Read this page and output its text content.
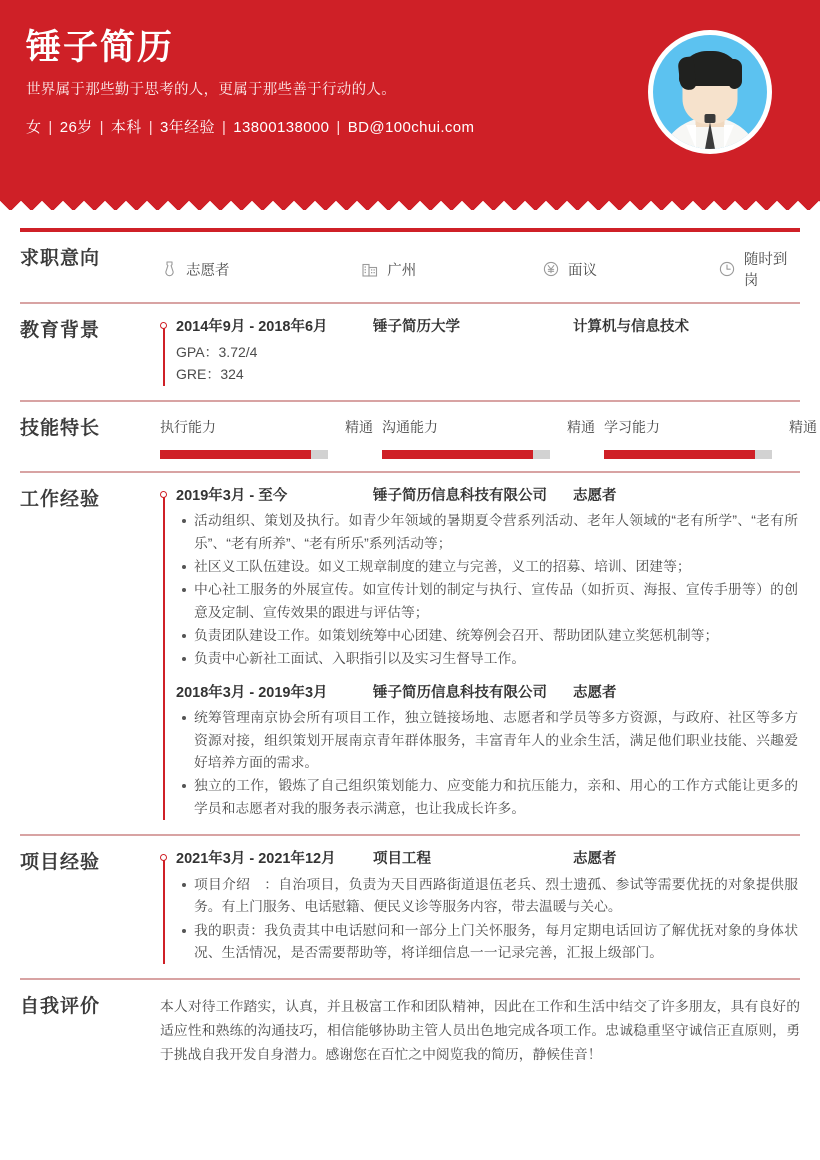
锤子简历
世界属于那些勤于思考的人，更属于那些善于行动的人。
女 | 26岁 | 本科 | 3年经验 | 13800138000 | BD@100chui.com
求职意向
志愿者	广州	面议
随时到岗
教育背景	2014年9月 - 2018年6月	锤子简历大学	计算机与信息技术
GPA：3.72/4
GRE：324
技能特长	执行能力	精通 沟通能力	精通 学习能力	精通
工作经验	2019年3月 - 至今	锤子简历信息科技有限公司	志愿者
活动组织、策划及执行。如青少年领域的暑期夏令营系列活动、老年人领域的“老有所学”、“老有所乐”、“老有所养”、“老有所乐”系列活动等；
社区义工队伍建设。如义工规章制度的建立与完善，义工的招募、培训、团建等；
中心社工服务的外展宣传。如宣传计划的制定与执行、宣传品（如折页、海报、宣传手册等）的创意及定制、宣传效果的跟进与评估等；
负责团队建设工作。如策划统筹中心团建、统筹例会召开、帮助团队建立奖惩机制等；
负责中心新社工面试、入职指引以及实习生督导工作。
2018年3月 - 2019年3月	锤子简历信息科技有限公司	志愿者
统筹管理南京协会所有项目工作，独立链接场地、志愿者和学员等多方资源，与政府、社区等多方资源对接，组织策划开展南京青年群体服务，丰富青年人的业余生活，满足他们职业技能、兴趣爱好培养方面的需求。
独立的工作，锻炼了自己组织策划能力、应变能力和抗压能力，亲和、用心的工作方式能让更多的学员和志愿者对我的服务表示满意，也让我成长许多。
项目经验	2021年3月 - 2021年12月	项目工程	志愿者
项目介绍　：自治项目，负责为天目西路街道退伍老兵、烈士遗孤、参试等需要优抚的对象提供服务。有上门服务、电话慰籍、便民义诊等服务内容，带去温暖与关心。
我的职责：我负责其中电话慰问和一部分上门关怀服务，每月定期电话回访了解优抚对象的身体状况、生活情况，是否需要帮助等，将详细信息一一记录完善，汇报上级部门。
自我评价	本人对待工作踏实，认真，并且极富工作和团队精神，因此在工作和生活中结交了许多朋友，具有良好的适应性和熟练的沟通技巧，相信能够协助主管人员出色地完成各项工作。忠诚稳重坚守诚信正直原则，勇于挑战自我开发自身潜力。感谢您在百忙之中阅览我的简历，静候佳音！
